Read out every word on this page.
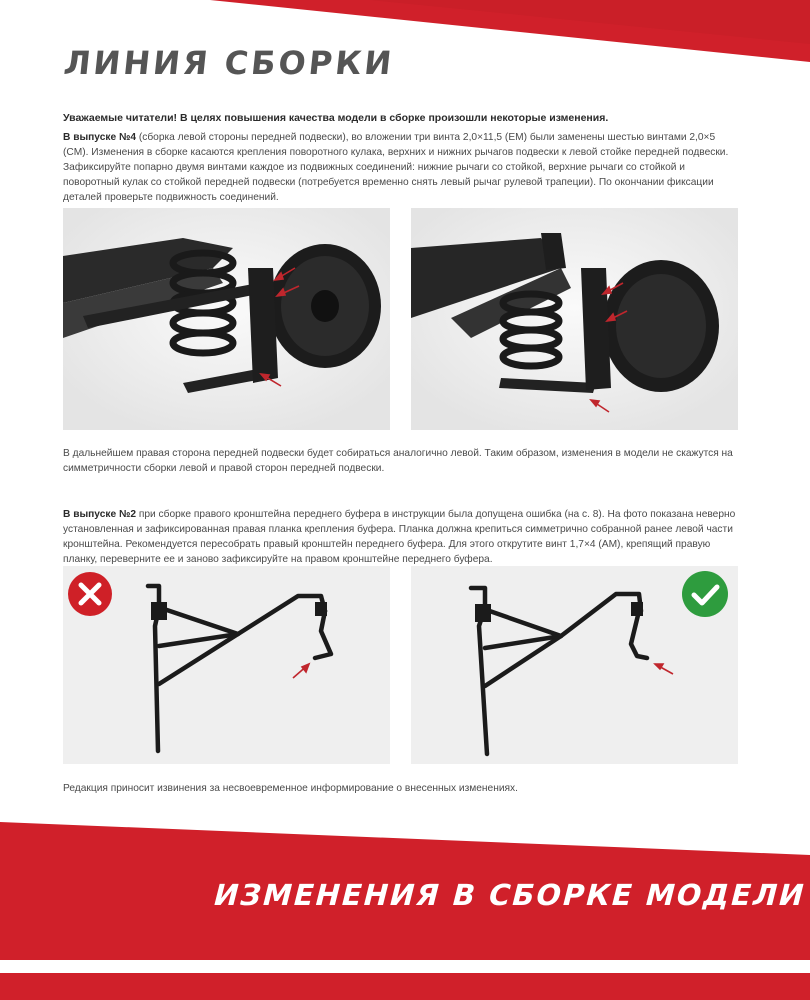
ЛИНИЯ СБОРКИ

Уважаемые читатели! В целях повышения качества модели в сборке произошли некоторые изменения.

В выпуске №4 (сборка левой стороны передней подвески), во вложении три винта 2,0×11,5 (EM) были заменены шестью винтами 2,0×5 (CM). Изменения в сборке касаются крепления поворотного кулака, верхних и нижних рычагов подвески к левой стойке передней подвески. Зафиксируйте попарно двумя винтами каждое из подвижных соединений: нижние рычаги со стойкой, верхние рычаги со стойкой и поворотный кулак со стойкой передней подвески (потребуется временно снять левый рычаг рулевой трапеции). По окончании фиксации деталей проверьте подвижность соединений.

В дальнейшем правая сторона передней подвески будет собираться аналогично левой. Таким образом, изменения в модели не скажутся на симметричности сборки левой и правой сторон передней подвески.

В выпуске №2 при сборке правого кронштейна переднего буфера в инструкции была допущена ошибка (на с. 8). На фото показана неверно установленная и зафиксированная правая планка крепления буфера. Планка должна крепиться симметрично собранной ранее левой части кронштейна. Рекомендуется пересобрать правый кронштейн переднего буфера. Для этого открутите винт 1,7×4 (AM), крепящий правую планку, переверните ее и заново зафиксируйте на правом кронштейне переднего буфера.

Редакция приносит извинения за несвоевременное информирование о внесенных изменениях.

ИЗМЕНЕНИЯ В СБОРКЕ МОДЕЛИ
